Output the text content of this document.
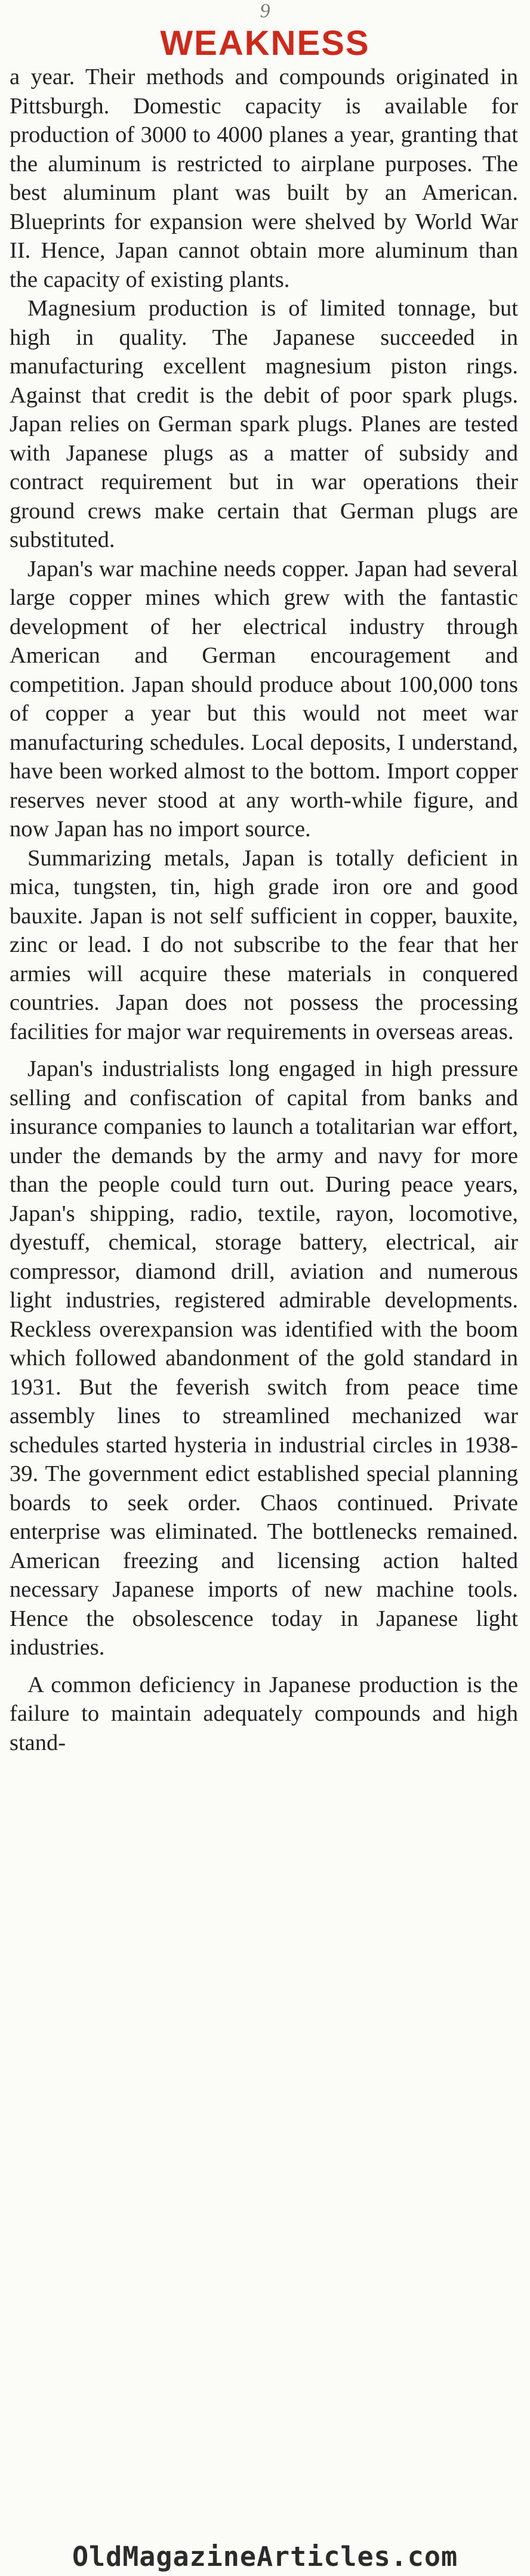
9
WEAKNESS

a year. Their methods and compounds originated in Pittsburgh. Domestic capacity is available for production of 3000 to 4000 planes a year, granting that the aluminum is restricted to airplane purposes. The best aluminum plant was built by an American. Blueprints for expansion were shelved by World War II. Hence, Japan cannot obtain more aluminum than the capacity of existing plants.

Magnesium production is of limited tonnage, but high in quality. The Japanese succeeded in manufacturing excellent magnesium piston rings. Against that credit is the debit of poor spark plugs. Japan relies on German spark plugs. Planes are tested with Japanese plugs as a matter of subsidy and contract requirement but in war operations their ground crews make certain that German plugs are substituted.

Japan's war machine needs copper. Japan had several large copper mines which grew with the fantastic development of her electrical industry through American and German encouragement and competition. Japan should produce about 100,000 tons of copper a year but this would not meet war manufacturing schedules. Local deposits, I understand, have been worked almost to the bottom. Import copper reserves never stood at any worth-while figure, and now Japan has no import source.

Summarizing metals, Japan is totally deficient in mica, tungsten, tin, high grade iron ore and good bauxite. Japan is not self sufficient in copper, bauxite, zinc or lead. I do not subscribe to the fear that her armies will acquire these materials in conquered countries. Japan does not possess the processing facilities for major war requirements in overseas areas.

Japan's industrialists long engaged in high pressure selling and confiscation of capital from banks and insurance companies to launch a totalitarian war effort, under the demands by the army and navy for more than the people could turn out. During peace years, Japan's shipping, radio, textile, rayon, locomotive, dyestuff, chemical, storage battery, electrical, air compressor, diamond drill, aviation and numerous light industries, registered admirable developments. Reckless overexpansion was identified with the boom which followed abandonment of the gold standard in 1931. But the feverish switch from peace time assembly lines to streamlined mechanized war schedules started hysteria in industrial circles in 1938-39. The government edict established special planning boards to seek order. Chaos continued. Private enterprise was eliminated. The bottlenecks remained. American freezing and licensing action halted necessary Japanese imports of new machine tools. Hence the obsolescence today in Japanese light industries.

A common deficiency in Japanese production is the failure to maintain adequately compounds and high stand-

OldMagazineArticles.com
